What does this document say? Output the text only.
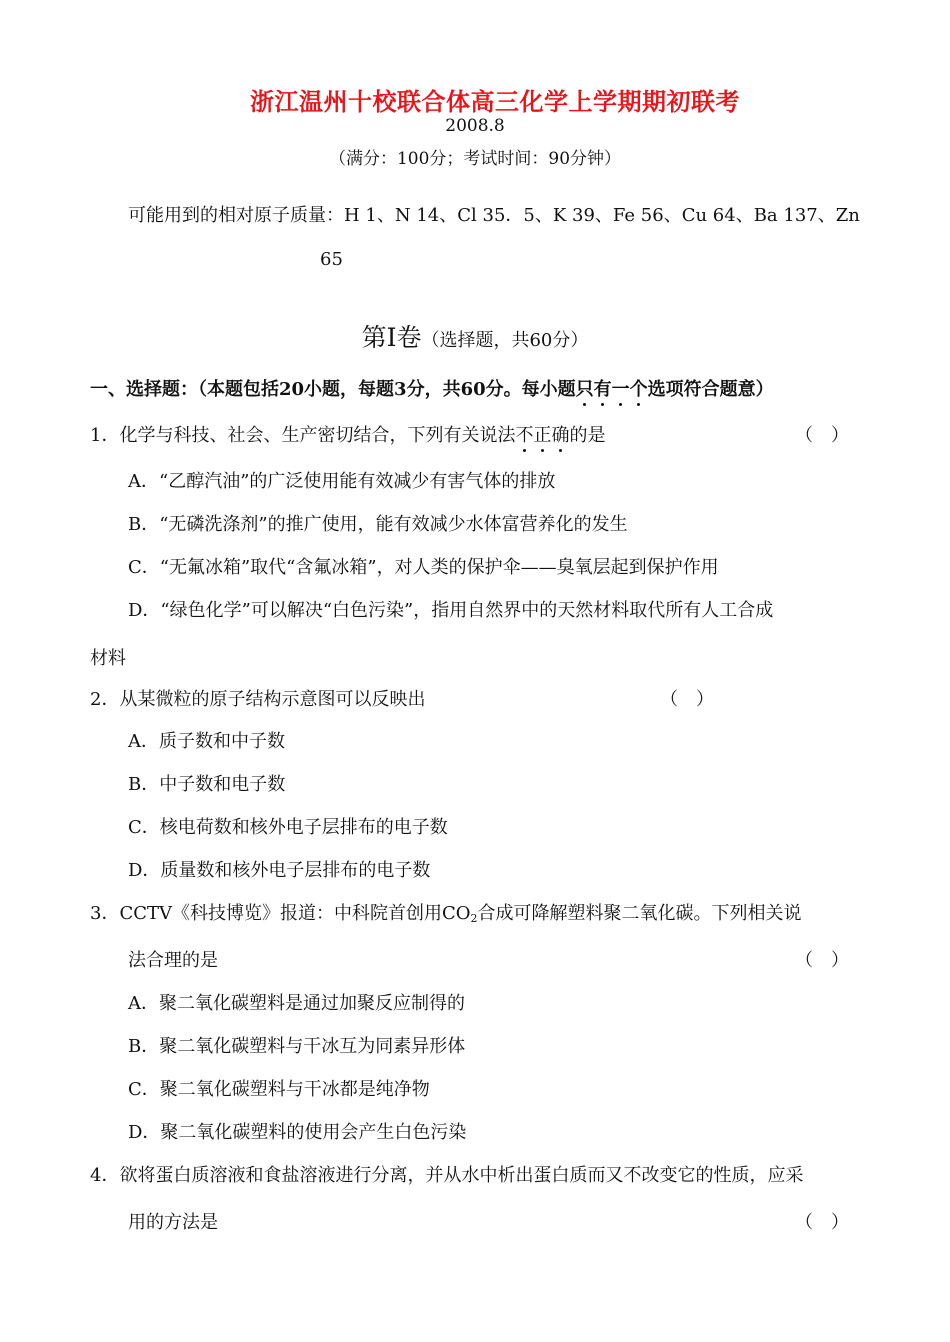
浙江温州十校联合体高三化学上学期期初联考
2008.8
（满分：100分；考试时间：90分钟）
可能用到的相对原子质量：H 1、N 14、Cl 35．5、K 39、Fe 56、Cu 64、Ba 137、Zn
65
第Ⅰ卷（选择题，共60分）
一、选择题：（本题包括20小题，每题3分，共60分。每小题只有一个选项符合题意）
1．化学与科技、社会、生产密切结合，下列有关说法不正确的是	（　）
A．“乙醇汽油”的广泛使用能有效减少有害气体的排放
B．“无磷洗涤剂”的推广使用，能有效减少水体富营养化的发生
C．“无氟冰箱”取代“含氟冰箱”，对人类的保护伞——臭氧层起到保护作用
D．“绿色化学”可以解决“白色污染”，指用自然界中的天然材料取代所有人工合成
材料
2．从某微粒的原子结构示意图可以反映出	（　）
A．质子数和中子数
B．中子数和电子数
C．核电荷数和核外电子层排布的电子数
D．质量数和核外电子层排布的电子数
3．CCTV《科技博览》报道：中科院首创用$CO_2$合成可降解塑料聚二氧化碳。下列相关说
法合理的是	（　）
A．聚二氧化碳塑料是通过加聚反应制得的
B．聚二氧化碳塑料与干冰互为同素异形体
C．聚二氧化碳塑料与干冰都是纯净物
D．聚二氧化碳塑料的使用会产生白色污染
4．欲将蛋白质溶液和食盐溶液进行分离，并从水中析出蛋白质而又不改变它的性质，应采
用的方法是	（　）
